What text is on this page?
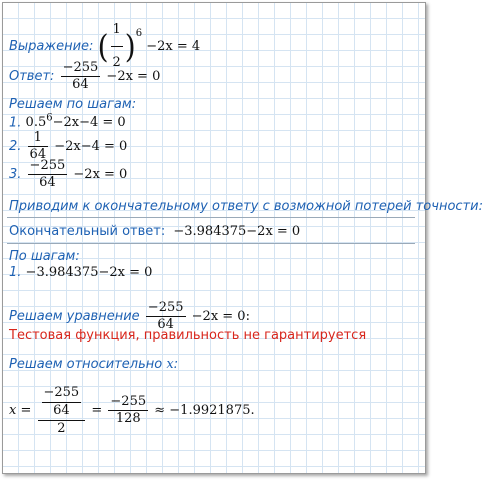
Выражение: ( $\frac{1}{2} )^6 -2x = 4$
Ответ: $\frac{-255}{64} -2x = 0$
Решаем по шагам:
1. $0.5^6-2x-4 = 0$
2. $\frac{1}{64} -2x-4 = 0$
3. $\frac{-255}{64} -2x = 0$
Приводим к окончательному ответу с возможной потерей точности:
Окончательный ответ: −3.984375−2x = 0
По шагам:
1. −3.984375−2x = 0
Решаем уравнение $\frac{-255}{64} -2x = 0$:
Тестовая функция, правильность не гарантируется
Решаем относительно x:
$x = \frac{\frac{-255}{64}}{2} = \frac{-255}{128} \approx -1.9921875$.
